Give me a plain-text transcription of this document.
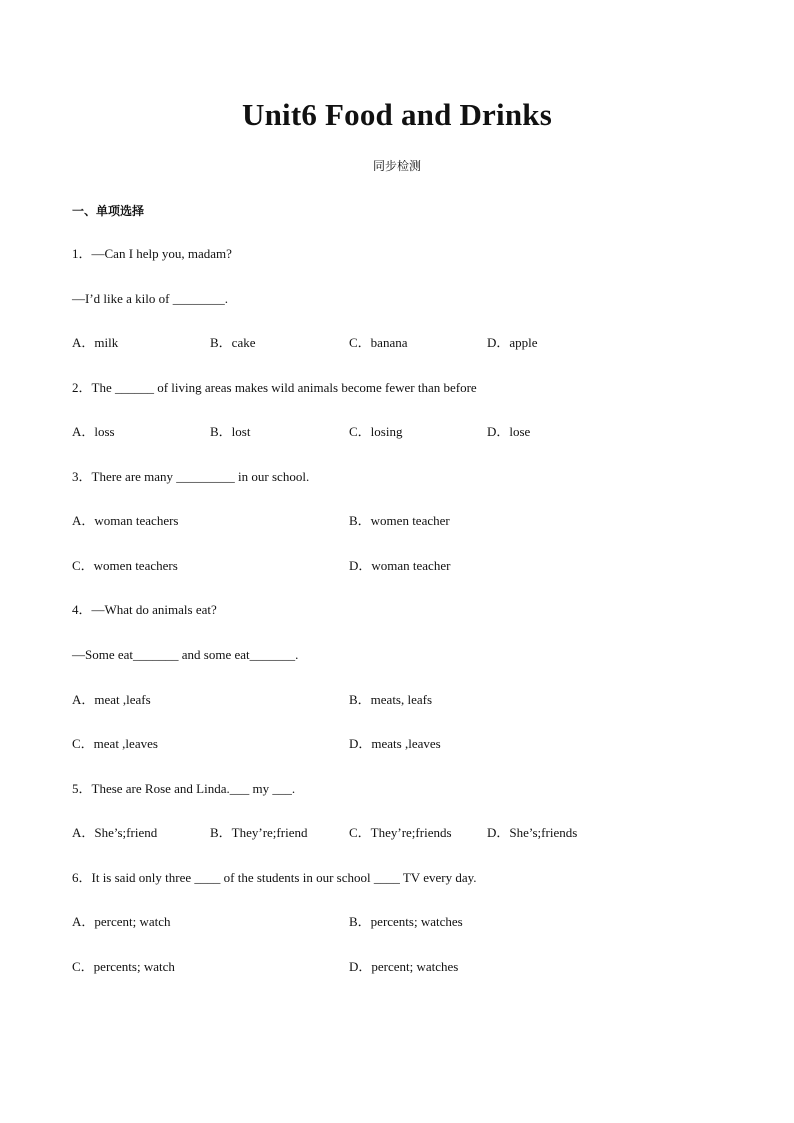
Unit6 Food and Drinks
同步检测
一、单项选择
1．—Can I help you, madam?
—I’d like a kilo of ________.
A．milk	B．cake	C．banana	D．apple
2．The ______ of living areas makes wild animals become fewer than before
A．loss	B．lost	C．losing	D．lose
3．There are many _________ in our school.
A．woman teachers	B．women teacher
C．women teachers	D．woman teacher
4．—What do animals eat?
—Some eat_______ and some eat_______.
A．meat ,leafs	B．meats, leafs
C．meat ,leaves	D．meats ,leaves
5．These are Rose and Linda.___ my ___.
A．She’s;friend	B．They’re;friend	C．They’re;friends	D．She’s;friends
6．It is said only three ____ of the students in our school ____ TV every day.
A．percent; watch	B．percents; watches
C．percents; watch	D．percent; watches
